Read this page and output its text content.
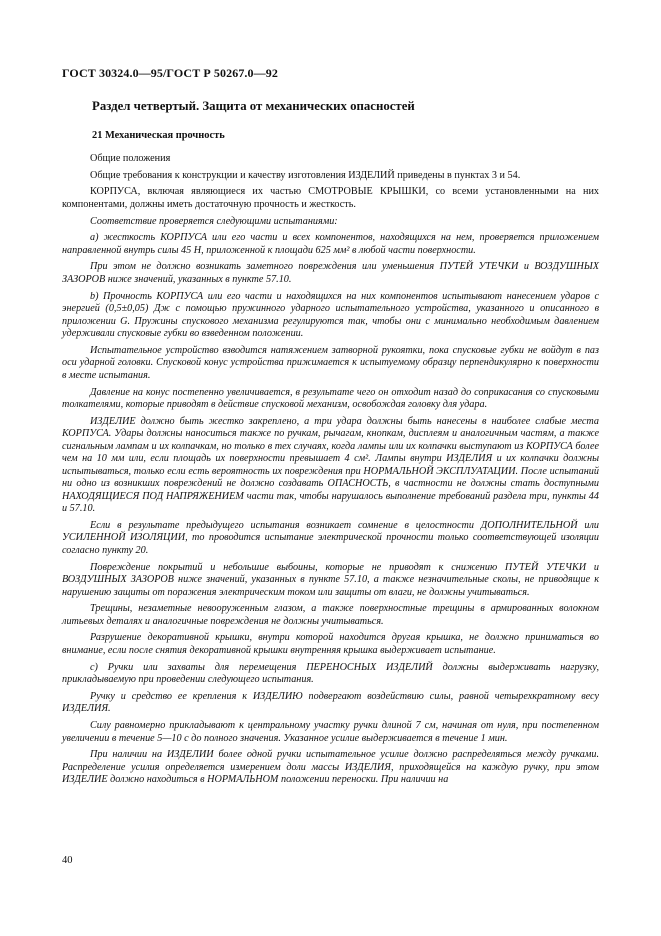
ГОСТ 30324.0—95/ГОСТ Р 50267.0—92
Раздел четвертый. Защита от механических опасностей
21 Механическая прочность

Общие положения

Общие требования к конструкции и качеству изготовления ИЗДЕЛИЙ приведены в пунктах 3 и 54.

КОРПУСА, включая являющиеся их частью СМОТРОВЫЕ КРЫШКИ, со всеми установленными на них компонентами, должны иметь достаточную прочность и жесткость.

Соответствие проверяется следующими испытаниями:

a) жесткость КОРПУСА или его части и всех компонентов, находящихся на нем, проверяется приложением направленной внутрь силы 45 Н, приложенной к площади 625 мм² в любой части поверхности.

При этом не должно возникать заметного повреждения или уменьшения ПУТЕЙ УТЕЧКИ и ВОЗДУШНЫХ ЗАЗОРОВ ниже значений, указанных в пункте 57.10.

b) Прочность КОРПУСА или его части и находящихся на них компонентов испытывают нанесением ударов с энергией (0,5±0,05) Дж с помощью пружинного ударного испытательного устройства, указанного и описанного в приложении G. Пружины спускового механизма регулируются так, чтобы они с минимально необходимым давлением удерживали спусковые губки во взведенном положении.

Испытательное устройство взводится натяжением затворной рукоятки, пока спусковые губки не войдут в паз оси ударной головки. Спусковой конус устройства прижимается к испытуемому образцу перпендикулярно к поверхности в месте испытания.

Давление на конус постепенно увеличивается, в результате чего он отходит назад до соприкасания со спусковыми толкателями, которые приводят в действие спусковой механизм, освобождая головку для удара.

ИЗДЕЛИЕ должно быть жестко закреплено, а три удара должны быть нанесены в наиболее слабые места КОРПУСА. Удары должны наноситься также по ручкам, рычагам, кнопкам, дисплеям и аналогичным частям, а также сигнальным лампам и их колпачкам, но только в тех случаях, когда лампы или их колпачки выступают из КОРПУСА более чем на 10 мм или, если площадь их поверхности превышает 4 см². Лампы внутри ИЗДЕЛИЯ и их колпачки должны испытываться, только если есть вероятность их повреждения при НОРМАЛЬНОЙ ЭКСПЛУАТАЦИИ. После испытаний ни одно из возникших повреждений не должно создавать ОПАСНОСТЬ, в частности не должны стать доступными НАХОДЯЩИЕСЯ ПОД НАПРЯЖЕНИЕМ части так, чтобы нарушалось выполнение требований раздела три, пункты 44 и 57.10.

Если в результате предыдущего испытания возникает сомнение в целостности ДОПОЛНИТЕЛЬНОЙ или УСИЛЕННОЙ ИЗОЛЯЦИИ, то проводится испытание электрической прочности только соответствующей изоляции согласно пункту 20.

Повреждение покрытий и небольшие выбоины, которые не приводят к снижению ПУТЕЙ УТЕЧКИ и ВОЗДУШНЫХ ЗАЗОРОВ ниже значений, указанных в пункте 57.10, а также незначительные сколы, не приводящие к нарушению защиты от поражения электрическим током или защиты от влаги, не должны учитываться.

Трещины, незаметные невооруженным глазом, а также поверхностные трещины в армированных волокном литьевых деталях и аналогичные повреждения не должны учитываться.

Разрушение декоративной крышки, внутри которой находится другая крышка, не должно приниматься во внимание, если после снятия декоративной крышки внутренняя крышка выдерживает испытание.

c) Ручки или захваты для перемещения ПЕРЕНОСНЫХ ИЗДЕЛИЙ должны выдерживать нагрузку, прикладываемую при проведении следующего испытания.

Ручку и средство ее крепления к ИЗДЕЛИЮ подвергают воздействию силы, равной четырехкратному весу ИЗДЕЛИЯ.

Силу равномерно прикладывают к центральному участку ручки длиной 7 см, начиная от нуля, при постепенном увеличении в течение 5—10 с до полного значения. Указанное усилие выдерживается в течение 1 мин.

При наличии на ИЗДЕЛИИ более одной ручки испытательное усилие должно распределяться между ручками. Распределение усилия определяется измерением доли массы ИЗДЕЛИЯ, приходящейся на каждую ручку, при этом ИЗДЕЛИЕ должно находиться в НОРМАЛЬНОМ положении переноски. При наличии на

40
